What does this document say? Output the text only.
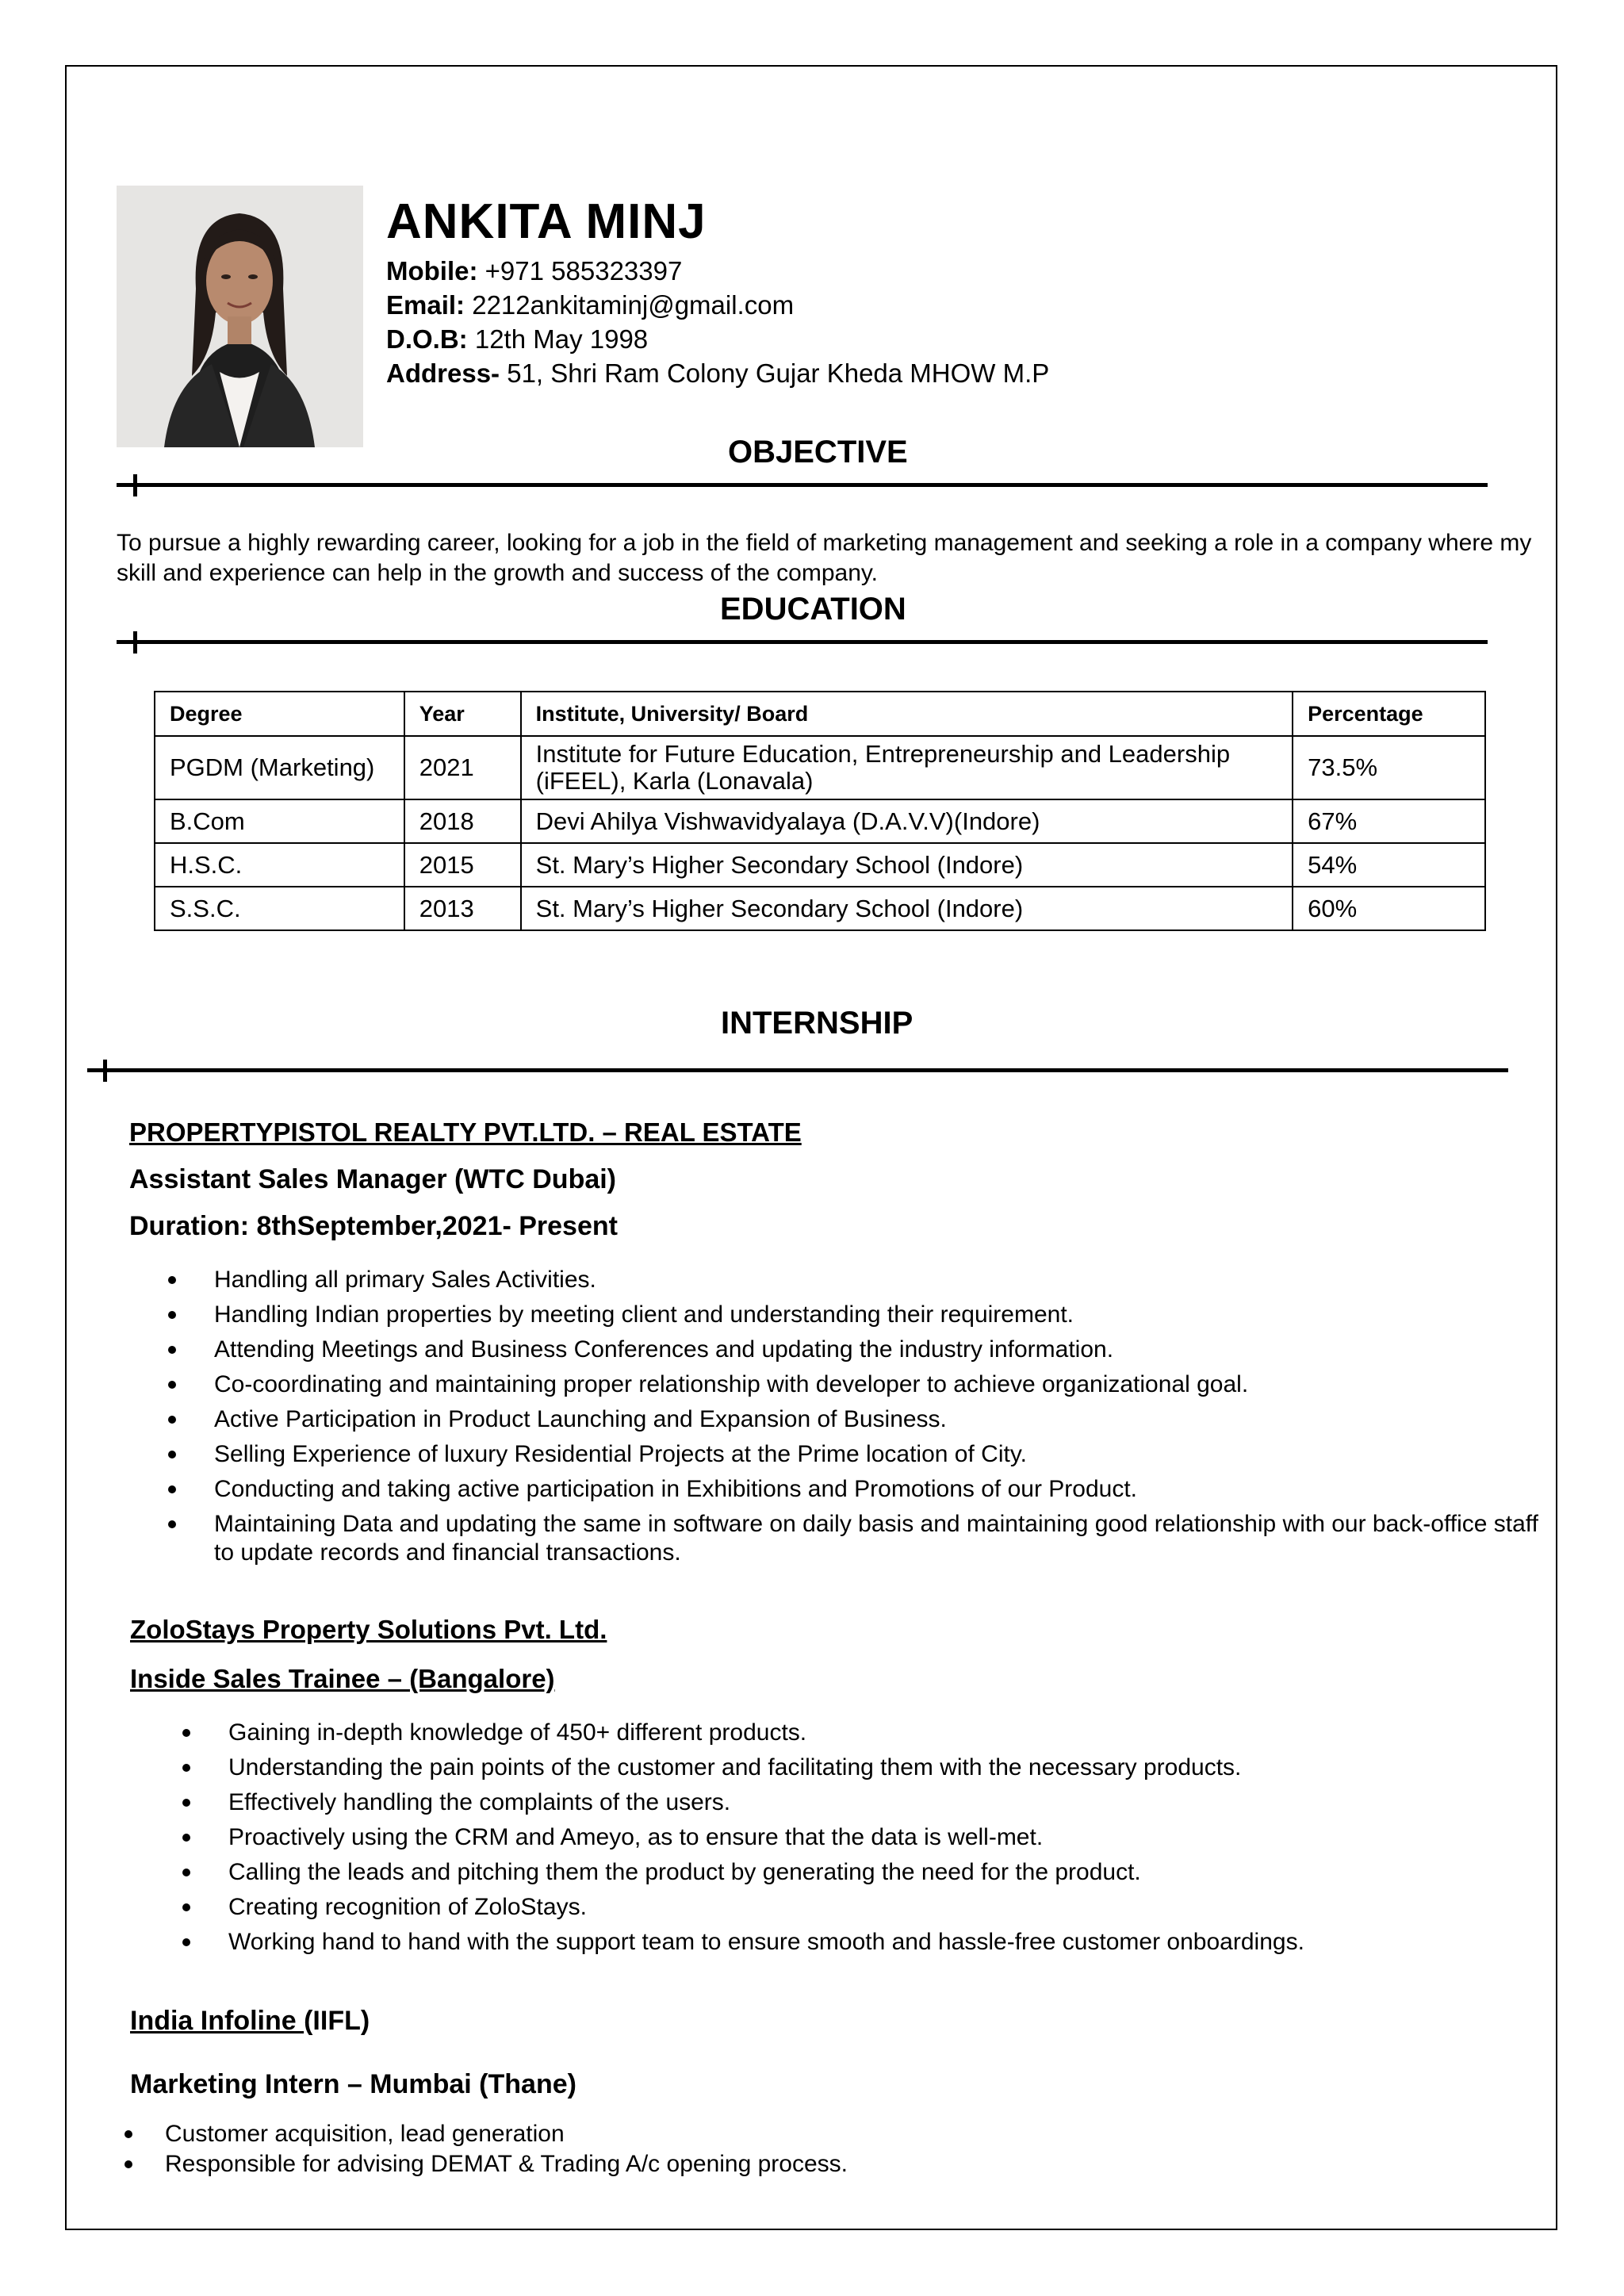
ANKITA MINJ
Mobile: +971 585323397
Email: 2212ankitaminj@gmail.com
D.O.B: 12th May 1998
Address- 51, Shri Ram Colony Gujar Kheda MHOW M.P
OBJECTIVE
To pursue a highly rewarding career, looking for a job in the field of marketing management and seeking a role in a company where my skill and experience can help in the growth and success of the company.
EDUCATION
Degree	Year	Institute, University/ Board	Percentage
PGDM (Marketing)	2021	Institute for Future Education, Entrepreneurship and Leadership (iFEEL), Karla (Lonavala)	73.5%
B.Com	2018	Devi Ahilya Vishwavidyalaya (D.A.V.V)(Indore)	67%
H.S.C.	2015	St. Mary’s Higher Secondary School (Indore)	54%
S.S.C.	2013	St. Mary’s Higher Secondary School (Indore)	60%
INTERNSHIP
PROPERTYPISTOL REALTY PVT.LTD. – REAL ESTATE
Assistant Sales Manager (WTC Dubai)
Duration: 8thSeptember,2021- Present
Handling all primary Sales Activities.
Handling Indian properties by meeting client and understanding their requirement.
Attending Meetings and Business Conferences and updating the industry information.
Co-coordinating and maintaining proper relationship with developer to achieve organizational goal.
Active Participation in Product Launching and Expansion of Business.
Selling Experience of luxury Residential Projects at the Prime location of City.
Conducting and taking active participation in Exhibitions and Promotions of our Product.
Maintaining Data and updating the same in software on daily basis and maintaining good relationship with our back-office staff to update records and financial transactions.
ZoloStays Property Solutions Pvt. Ltd.
Inside Sales Trainee – (Bangalore)
Gaining in-depth knowledge of 450+ different products.
Understanding the pain points of the customer and facilitating them with the necessary products.
Effectively handling the complaints of the users.
Proactively using the CRM and Ameyo, as to ensure that the data is well-met.
Calling the leads and pitching them the product by generating the need for the product.
Creating recognition of ZoloStays.
Working hand to hand with the support team to ensure smooth and hassle-free customer onboardings.
India Infoline (IIFL)
Marketing Intern – Mumbai (Thane)
Customer acquisition, lead generation
Responsible for advising DEMAT & Trading A/c opening process.
